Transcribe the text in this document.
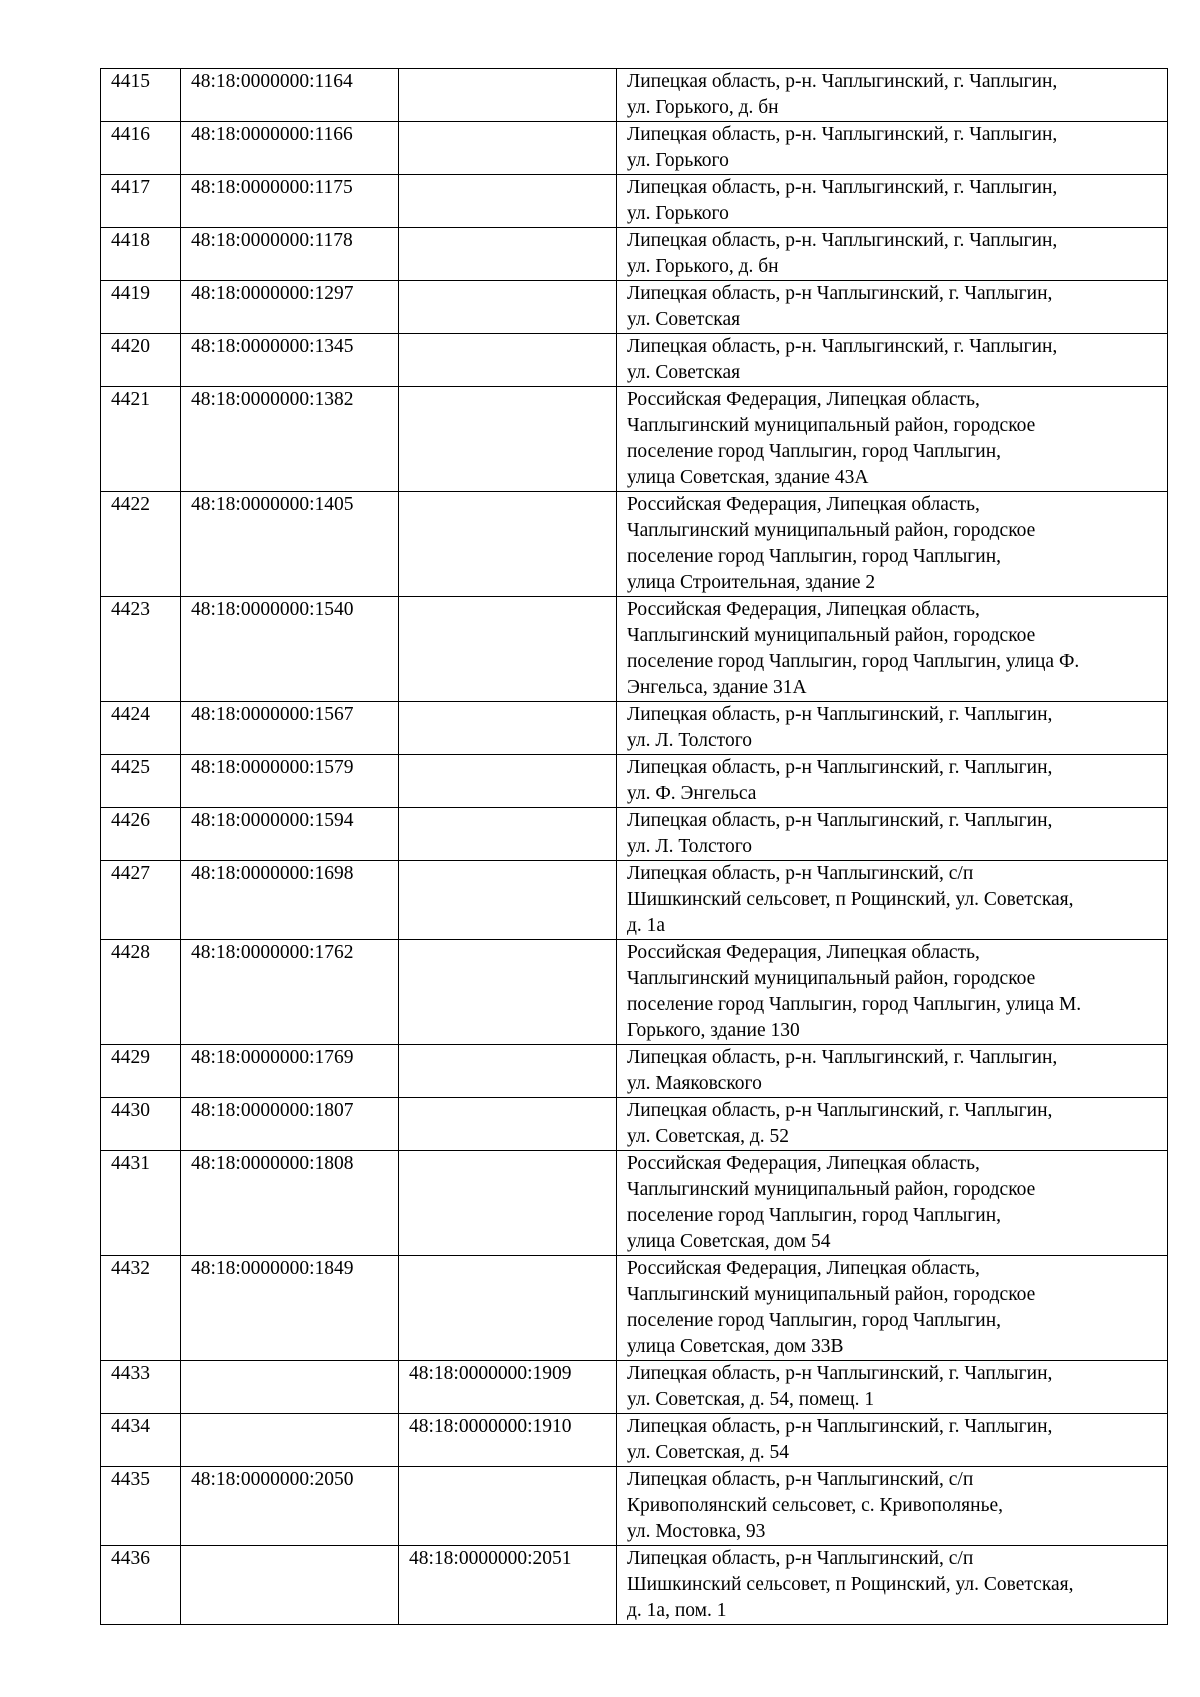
4415	48:18:0000000:1164		Липецкая область, р-н. Чаплыгинский, г. Чаплыгин,
ул. Горького, д. бн

4416	48:18:0000000:1166		Липецкая область, р-н. Чаплыгинский, г. Чаплыгин,
ул. Горького

4417	48:18:0000000:1175		Липецкая область, р-н. Чаплыгинский, г. Чаплыгин,
ул. Горького

4418	48:18:0000000:1178		Липецкая область, р-н. Чаплыгинский, г. Чаплыгин,
ул. Горького, д. бн

4419	48:18:0000000:1297		Липецкая область, р-н Чаплыгинский, г. Чаплыгин,
ул. Советская

4420	48:18:0000000:1345		Липецкая область, р-н. Чаплыгинский, г. Чаплыгин,
ул. Советская

4421	48:18:0000000:1382		Российская Федерация, Липецкая область,
Чаплыгинский муниципальный район, городское
поселение город Чаплыгин, город Чаплыгин,
улица Советская, здание 43А

4422	48:18:0000000:1405		Российская Федерация, Липецкая область,
Чаплыгинский муниципальный район, городское
поселение город Чаплыгин, город Чаплыгин,
улица Строительная, здание 2

4423	48:18:0000000:1540		Российская Федерация, Липецкая область,
Чаплыгинский муниципальный район, городское
поселение город Чаплыгин, город Чаплыгин, улица Ф.
Энгельса, здание 31А

4424	48:18:0000000:1567		Липецкая область, р-н Чаплыгинский, г. Чаплыгин,
ул. Л. Толстого

4425	48:18:0000000:1579		Липецкая область, р-н Чаплыгинский, г. Чаплыгин,
ул. Ф. Энгельса

4426	48:18:0000000:1594		Липецкая область, р-н Чаплыгинский, г. Чаплыгин,
ул. Л. Толстого

4427	48:18:0000000:1698		Липецкая область, р-н Чаплыгинский, с/п
Шишкинский сельсовет, п Рощинский, ул. Советская,
д. 1а

4428	48:18:0000000:1762		Российская Федерация, Липецкая область,
Чаплыгинский муниципальный район, городское
поселение город Чаплыгин, город Чаплыгин, улица М.
Горького, здание 130

4429	48:18:0000000:1769		Липецкая область, р-н. Чаплыгинский, г. Чаплыгин,
ул. Маяковского

4430	48:18:0000000:1807		Липецкая область, р-н Чаплыгинский, г. Чаплыгин,
ул. Советская, д. 52

4431	48:18:0000000:1808		Российская Федерация, Липецкая область,
Чаплыгинский муниципальный район, городское
поселение город Чаплыгин, город Чаплыгин,
улица Советская, дом 54

4432	48:18:0000000:1849		Российская Федерация, Липецкая область,
Чаплыгинский муниципальный район, городское
поселение город Чаплыгин, город Чаплыгин,
улица Советская, дом 33В

4433		48:18:0000000:1909	Липецкая область, р-н Чаплыгинский, г. Чаплыгин,
ул. Советская, д. 54, помещ. 1

4434		48:18:0000000:1910	Липецкая область, р-н Чаплыгинский, г. Чаплыгин,
ул. Советская, д. 54

4435	48:18:0000000:2050		Липецкая область, р-н Чаплыгинский, с/п
Кривополянский сельсовет, с. Кривополянье,
ул. Мостовка, 93

4436		48:18:0000000:2051	Липецкая область, р-н Чаплыгинский, с/п
Шишкинский сельсовет, п Рощинский, ул. Советская,
д. 1а, пом. 1
